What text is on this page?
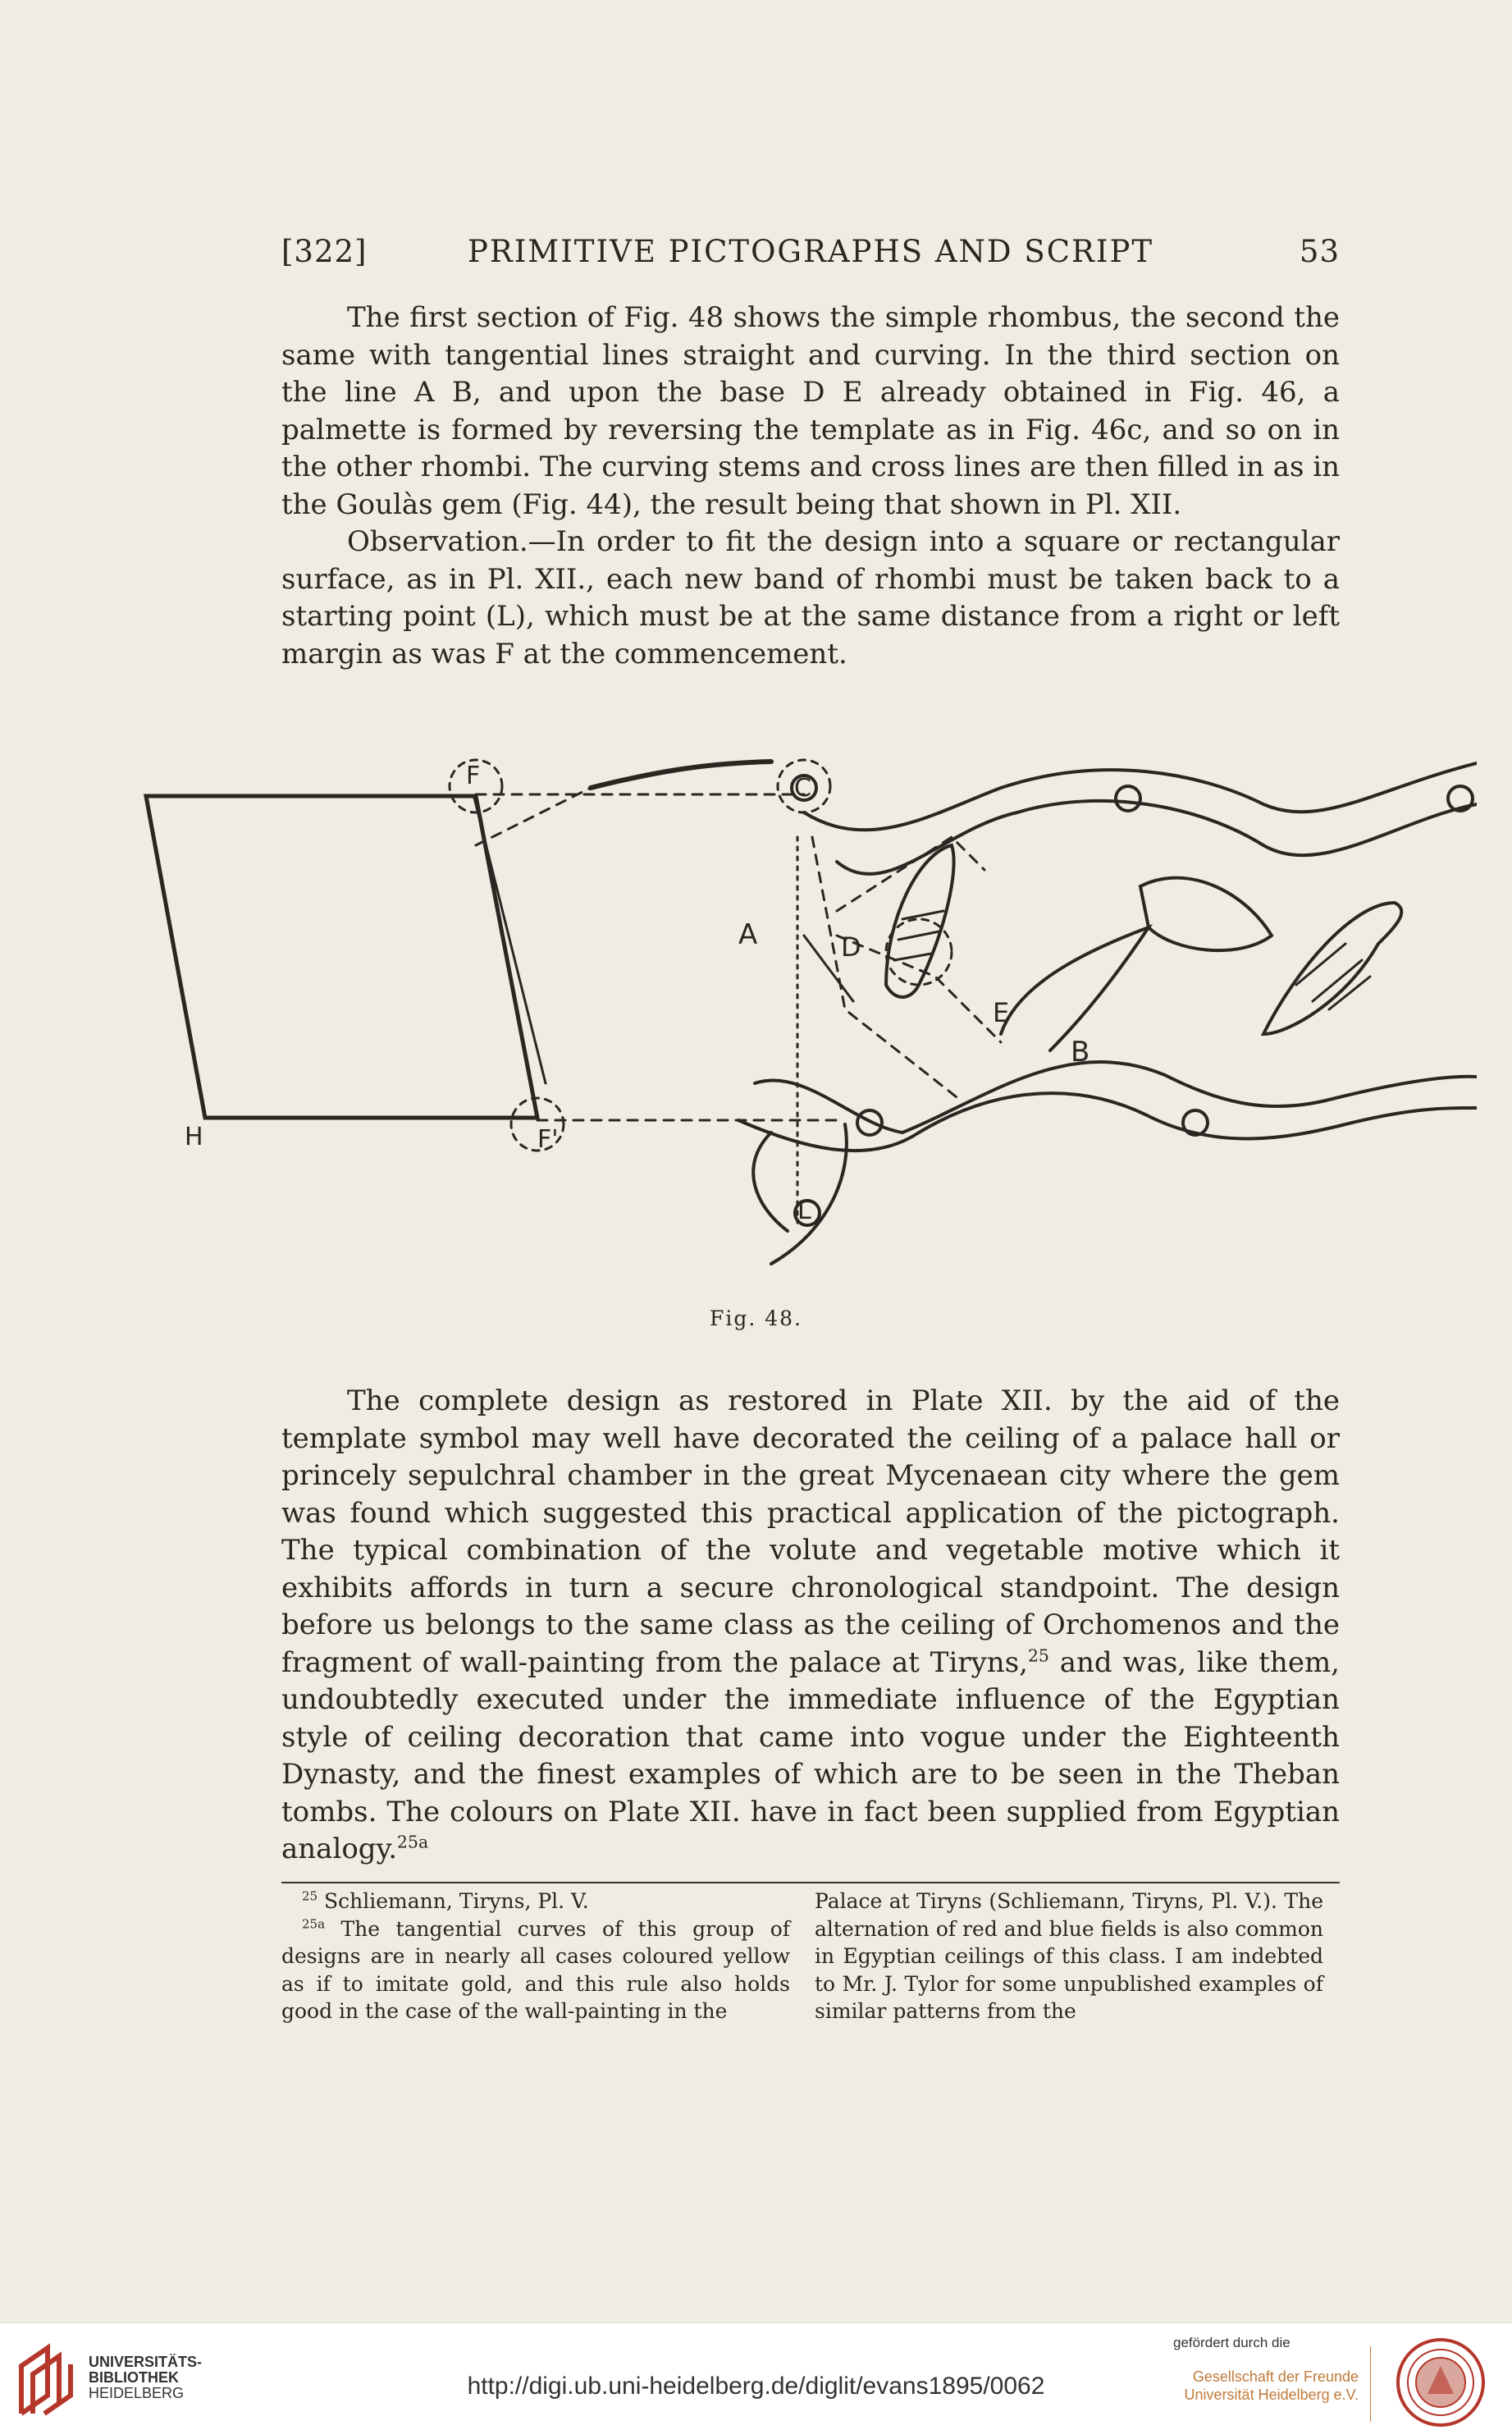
[322]	PRIMITIVE PICTOGRAPHS AND SCRIPT	53

The first section of Fig. 48 shows the simple rhombus, the second the same with tangential lines straight and curving. In the third section on the line A B, and upon the base D E already obtained in Fig. 46, a palmette is formed by reversing the template as in Fig. 46c, and so on in the other rhombi. The curving stems and cross lines are then filled in as in the Goulàs gem (Fig. 44), the result being that shown in Pl. XII.

Observation.—In order to fit the design into a square or rectangular surface, as in Pl. XII., each new band of rhombi must be taken back to a starting point (L), which must be at the same distance from a right or left margin as was F at the commencement.

F
F'
H
A
C
D
E
B
L
Fig. 48.

The complete design as restored in Plate XII. by the aid of the template symbol may well have decorated the ceiling of a palace hall or princely sepulchral chamber in the great Mycenaean city where the gem was found which suggested this practical application of the pictograph. The typical combination of the volute and vegetable motive which it exhibits affords in turn a secure chronological standpoint. The design before us belongs to the same class as the ceiling of Orchomenos and the fragment of wall-painting from the palace at Tiryns,$^{25}$ and was, like them, undoubtedly executed under the immediate influence of the Egyptian style of ceiling decoration that came into vogue under the Eighteenth Dynasty, and the finest examples of which are to be seen in the Theban tombs. The colours on Plate XII. have in fact been supplied from Egyptian analogy.$^{25a}$

$^{25}$ Schliemann, Tiryns, Pl. V.

$^{25a}$ The tangential curves of this group of designs are in nearly all cases coloured yellow as if to imitate gold, and this rule also holds good in the case of the wall-painting in the

Palace at Tiryns (Schliemann, Tiryns, Pl. V.). The alternation of red and blue fields is also common in Egyptian ceilings of this class. I am indebted to Mr. J. Tylor for some unpublished examples of similar patterns from the

UNIVERSITÄTS-
BIBLIOTHEK
HEIDELBERG	http://digi.ub.uni-heidelberg.de/diglit/evans1895/0062
gefördert durch die
Gesellschaft der Freunde
Universität Heidelberg e.V.
